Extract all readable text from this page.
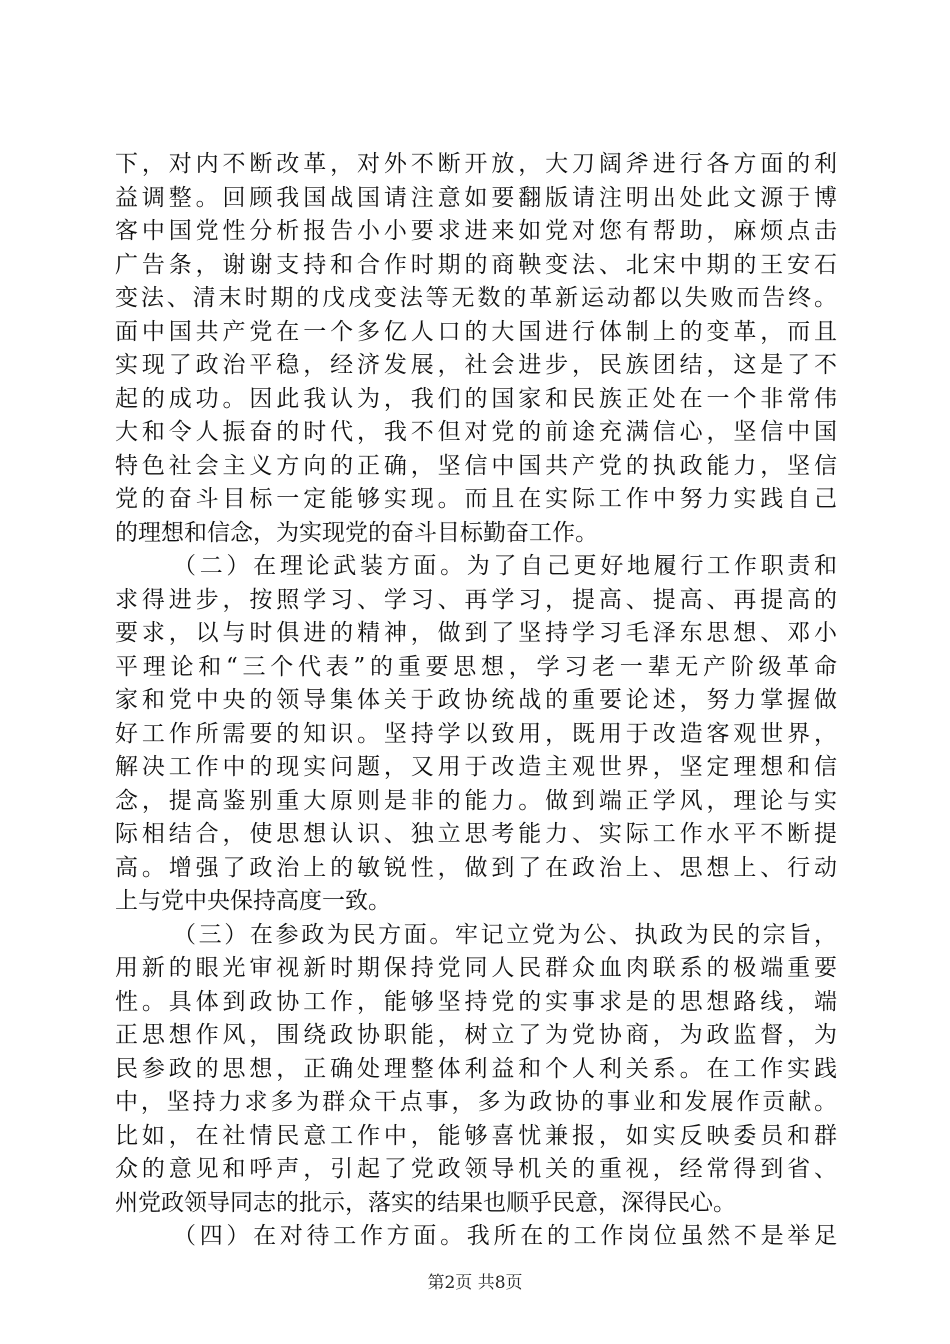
下，对内不断改革，对外不断开放，大刀阔斧进行各方面的利
益调整。回顾我国战国请注意如要翻版请注明出处此文源于博
客中国党性分析报告小小要求进来如党对您有帮助，麻烦点击
广告条，谢谢支持和合作时期的商鞅变法、北宋中期的王安石
变法、清末时期的戊戌变法等无数的革新运动都以失败而告终。
面中国共产党在一个多亿人口的大国进行体制上的变革，而且
实现了政治平稳，经济发展，社会进步，民族团结，这是了不
起的成功。因此我认为，我们的国家和民族正处在一个非常伟
大和令人振奋的时代，我不但对党的前途充满信心，坚信中国
特色社会主义方向的正确，坚信中国共产党的执政能力，坚信
党的奋斗目标一定能够实现。而且在实际工作中努力实践自己
的理想和信念，为实现党的奋斗目标勤奋工作。
（二）在理论武装方面。为了自己更好地履行工作职责和
求得进步，按照学习、学习、再学习，提高、提高、再提高的
要求，以与时俱进的精神，做到了坚持学习毛泽东思想、邓小
平理论和“三个代表”的重要思想，学习老一辈无产阶级革命
家和党中央的领导集体关于政协统战的重要论述，努力掌握做
好工作所需要的知识。坚持学以致用，既用于改造客观世界，
解决工作中的现实问题，又用于改造主观世界，坚定理想和信
念，提高鉴别重大原则是非的能力。做到端正学风，理论与实
际相结合，使思想认识、独立思考能力、实际工作水平不断提
高。增强了政治上的敏锐性，做到了在政治上、思想上、行动
上与党中央保持高度一致。
（三）在参政为民方面。牢记立党为公、执政为民的宗旨，
用新的眼光审视新时期保持党同人民群众血肉联系的极端重要
性。具体到政协工作，能够坚持党的实事求是的思想路线，端
正思想作风，围绕政协职能，树立了为党协商，为政监督，为
民参政的思想，正确处理整体利益和个人利关系。在工作实践
中，坚持力求多为群众干点事，多为政协的事业和发展作贡献。
比如，在社情民意工作中，能够喜忧兼报，如实反映委员和群
众的意见和呼声，引起了党政领导机关的重视，经常得到省、
州党政领导同志的批示，落实的结果也顺乎民意，深得民心。
（四）在对待工作方面。我所在的工作岗位虽然不是举足
第2页 共8页
